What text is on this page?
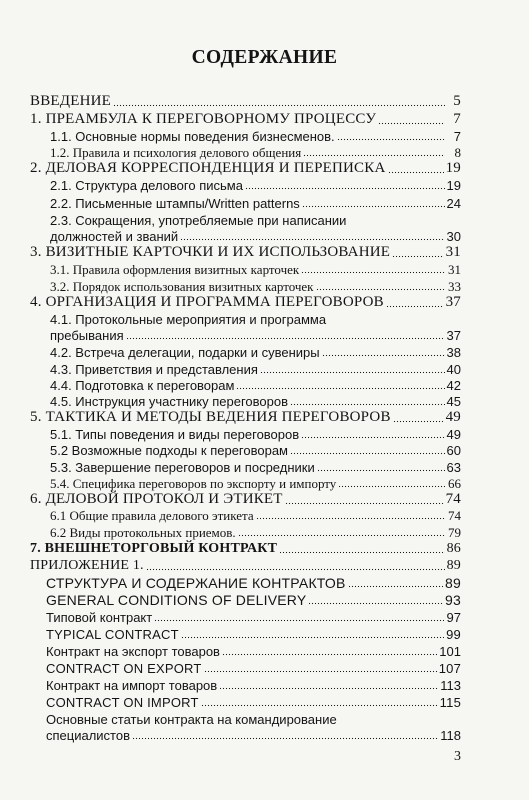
СОДЕРЖАНИЕ
ВВЕДЕНИЕ	5
1. ПРЕАМБУЛА К ПЕРЕГОВОРНОМУ ПРОЦЕССУ	7
1.1. Основные нормы поведения бизнесменов.	7
1.2. Правила и психология делового общения	8
2. ДЕЛОВАЯ КОРРЕСПОНДЕНЦИЯ И ПЕРЕПИСКА	19
2.1. Структура делового письма	19
2.2. Письменные штампы/Written patterns	24
2.3. Сокращения, употребляемые при написании
должностей и званий	30
3. ВИЗИТНЫЕ КАРТОЧКИ И ИХ ИСПОЛЬЗОВАНИЕ	31
3.1. Правила оформления визитных карточек	31
3.2. Порядок использования визитных карточек	33
4. ОРГАНИЗАЦИЯ И ПРОГРАММА ПЕРЕГОВОРОВ	37
4.1. Протокольные мероприятия и программа
пребывания	37
4.2. Встреча делегации, подарки и сувениры	38
4.3. Приветствия и представления	40
4.4. Подготовка к переговорам	42
4.5. Инструкция участнику переговоров	45
5. ТАКТИКА И МЕТОДЫ ВЕДЕНИЯ ПЕРЕГОВОРОВ	49
5.1. Типы поведения и виды переговоров	49
5.2 Возможные подходы к переговорам	60
5.3. Завершение переговоров и посредники	63
5.4. Специфика переговоров по экспорту и импорту	66
6. ДЕЛОВОЙ ПРОТОКОЛ И ЭТИКЕТ	74
6.1 Общие правила делового этикета	74
6.2 Виды протокольных приемов.	79
7. ВНЕШНЕТОРГОВЫЙ КОНТРАКТ	86
ПРИЛОЖЕНИЕ 1.	89
СТРУКТУРА И СОДЕРЖАНИЕ КОНТРАКТОВ	89
GENERAL CONDITIONS OF DELIVERY	93
Типовой контракт	97
TYPICAL CONTRACT	99
Контракт на экспорт товаров	101
CONTRACT ON EXPORT	107
Контракт на импорт товаров	113
CONTRACT ON IMPORT	115
Основные статьи контракта на командирование
специалистов	118
3
